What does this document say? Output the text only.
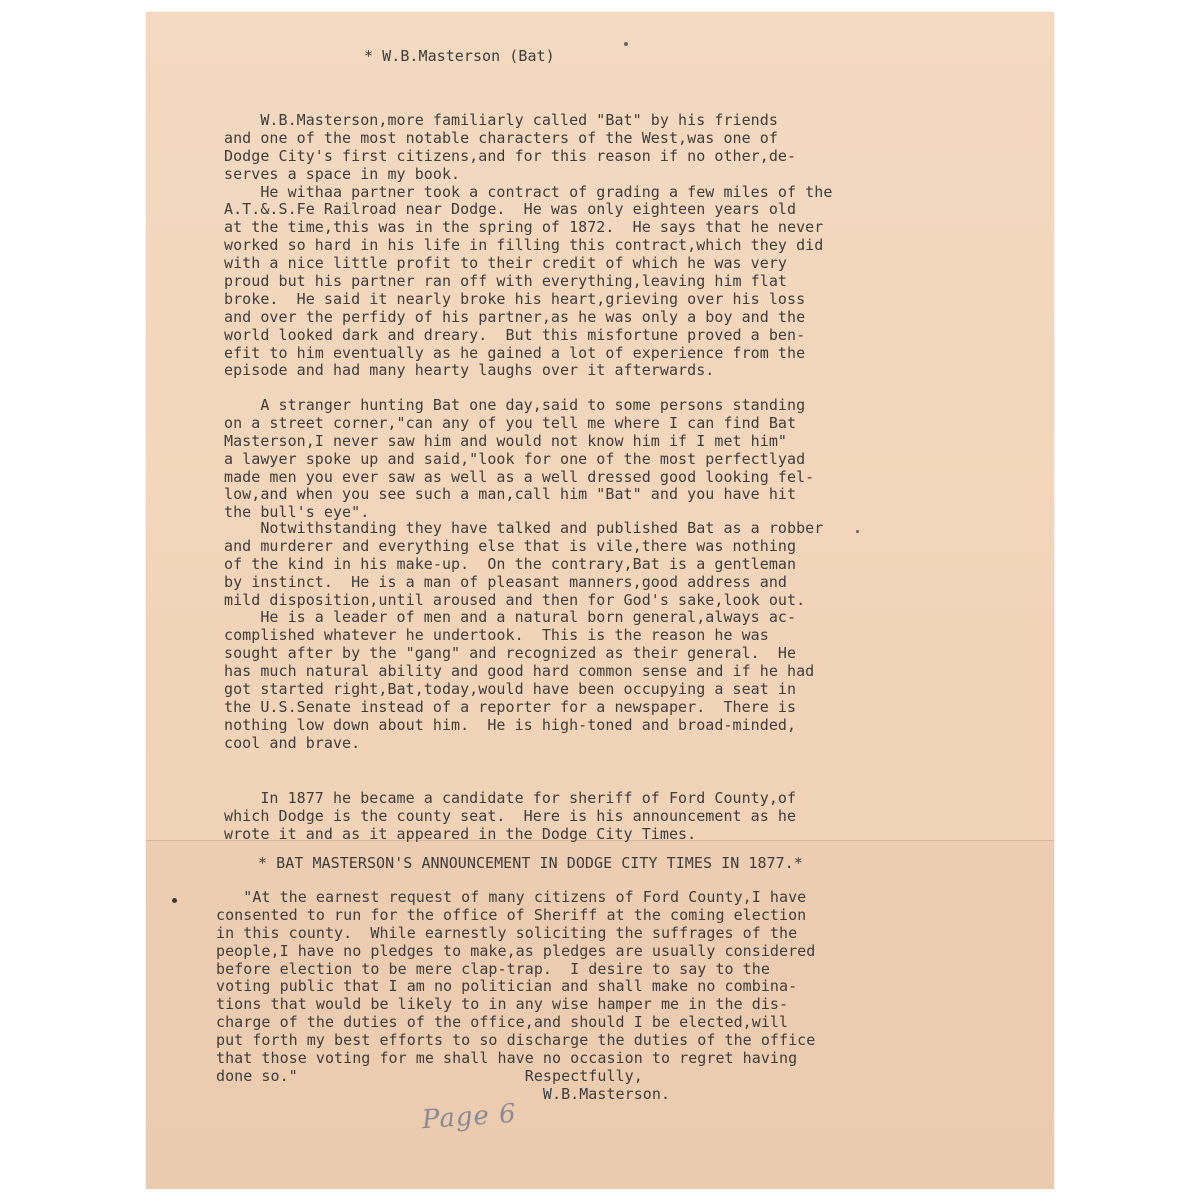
* W.B.Masterson (Bat)
W.B.Masterson,more familiarly called "Bat" by his friends
and one of the most notable characters of the West,was one of
Dodge City's first citizens,and for this reason if no other,de-
serves a space in my book.
He withaa partner took a contract of grading a few miles of the
A.T.&.S.Fe Railroad near Dodge.  He was only eighteen years old
at the time,this was in the spring of 1872.  He says that he never
worked so hard in his life in filling this contract,which they did
with a nice little profit to their credit of which he was very
proud but his partner ran off with everything,leaving him flat
broke.  He said it nearly broke his heart,grieving over his loss
and over the perfidy of his partner,as he was only a boy and the
world looked dark and dreary.  But this misfortune proved a ben-
efit to him eventually as he gained a lot of experience from the
episode and had many hearty laughs over it afterwards.
A stranger hunting Bat one day,said to some persons standing
on a street corner,"can any of you tell me where I can find Bat
Masterson,I never saw him and would not know him if I met him"
a lawyer spoke up and said,"look for one of the most perfectlyad
made men you ever saw as well as a well dressed good looking fel-
low,and when you see such a man,call him "Bat" and you have hit
the bull's eye".
Notwithstanding they have talked and published Bat as a robber
and murderer and everything else that is vile,there was nothing
of the kind in his make-up.  On the contrary,Bat is a gentleman
by instinct.  He is a man of pleasant manners,good address and
mild disposition,until aroused and then for God's sake,look out.
He is a leader of men and a natural born general,always ac-
complished whatever he undertook.  This is the reason he was
sought after by the "gang" and recognized as their general.  He
has much natural ability and good hard common sense and if he had
got started right,Bat,today,would have been occupying a seat in
the U.S.Senate instead of a reporter for a newspaper.  There is
nothing low down about him.  He is high-toned and broad-minded,
cool and brave.
In 1877 he became a candidate for sheriff of Ford County,of
which Dodge is the county seat.  Here is his announcement as he
wrote it and as it appeared in the Dodge City Times.
* BAT MASTERSON'S ANNOUNCEMENT IN DODGE CITY TIMES IN 1877.*
"At the earnest request of many citizens of Ford County,I have
consented to run for the office of Sheriff at the coming election
in this county.  While earnestly soliciting the suffrages of the
people,I have no pledges to make,as pledges are usually considered
before election to be mere clap-trap.  I desire to say to the
voting public that I am no politician and shall make no combina-
tions that would be likely to in any wise hamper me in the dis-
charge of the duties of the office,and should I be elected,will
put forth my best efforts to so discharge the duties of the office
that those voting for me shall have no occasion to regret having
done so."                         Respectfully,
W.B.Masterson.
Page 6
